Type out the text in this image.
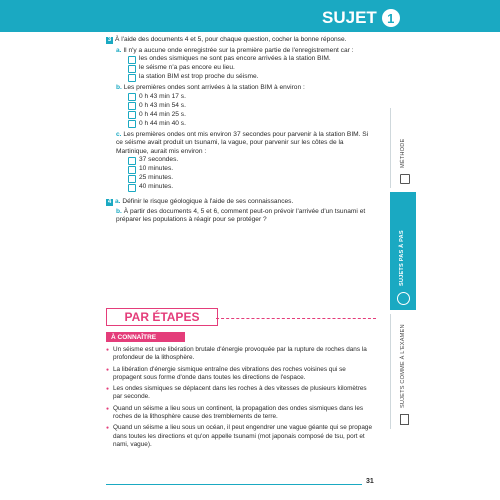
SUJET 1
3 À l'aide des documents 4 et 5, pour chaque question, cocher la bonne réponse.
a. Il n'y a aucune onde enregistrée sur la première partie de l'enregistrement car :
les ondes sismiques ne sont pas encore arrivées à la station BIM.
le séisme n'a pas encore eu lieu.
la station BIM est trop proche du séisme.
b. Les premières ondes sont arrivées à la station BIM à environ :
0 h 43 min 17 s.
0 h 43 min 54 s.
0 h 44 min 25 s.
0 h 44 min 40 s.
c. Les premières ondes ont mis environ 37 secondes pour parvenir à la station BIM. Si ce séisme avait produit un tsunami, la vague, pour parvenir sur les côtes de la Martinique, aurait mis environ :
37 secondes.
10 minutes.
25 minutes.
40 minutes.
4 a. Définir le risque géologique à l'aide de ses connaissances.
b. À partir des documents 4, 5 et 6, comment peut-on prévoir l'arrivée d'un tsunami et préparer les populations à réagir pour se protéger ?
MÉTHODE
SUJETS PAS À PAS
SUJETS COMME À L'EXAMEN
PAR ÉTAPES
À CONNAÎTRE
● Un séisme est une libération brutale d'énergie provoquée par la rupture de roches dans la profondeur de la lithosphère.
● La libération d'énergie sismique entraîne des vibrations des roches voisines qui se propagent sous forme d'onde dans toutes les directions de l'espace.
● Les ondes sismiques se déplacent dans les roches à des vitesses de plusieurs kilomètres par seconde.
● Quand un séisme a lieu sous un continent, la propagation des ondes sismiques dans les roches de la lithosphère cause des tremblements de terre.
● Quand un séisme a lieu sous un océan, il peut engendrer une vague géante qui se propage dans toutes les directions et qu'on appelle tsunami (mot japonais composé de tsu, port et nami, vague).
31
